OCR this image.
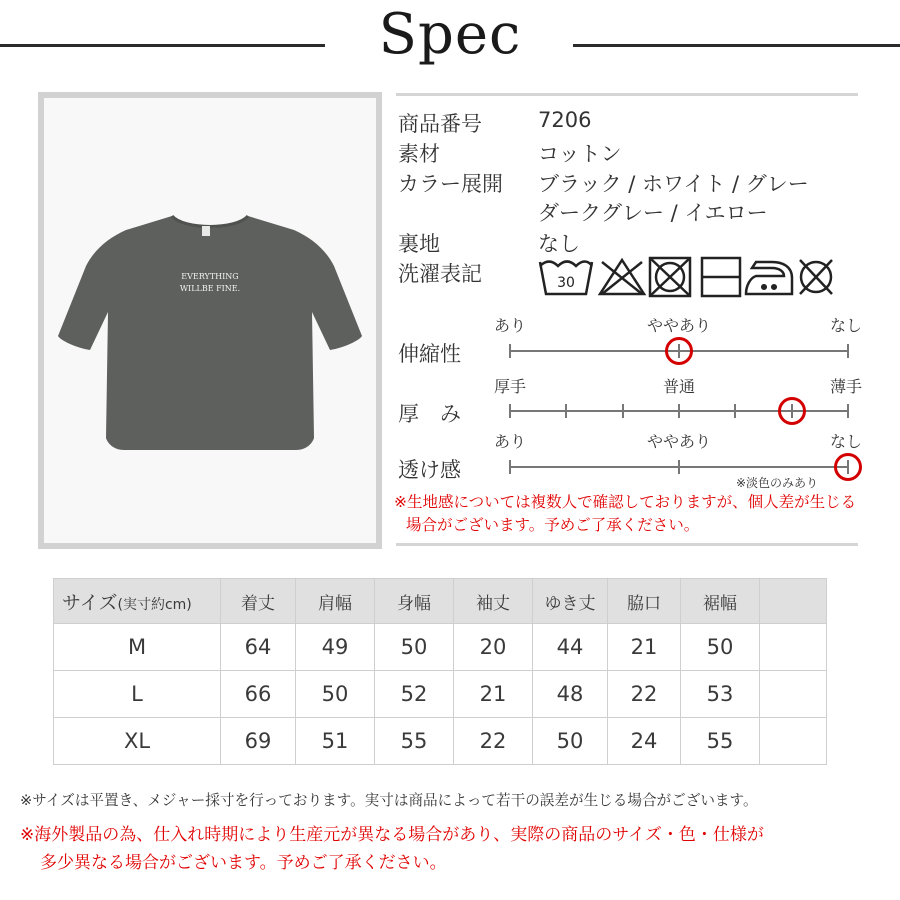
Spec
EVERYTHING
WILLBE FINE.
商品番号	7206
素材	コットン
カラー展開 ブラック / ホワイト / グレー
ダークグレー / イエロー
裏地	なし
洗濯表記	30
伸縮性
あり	ややあり	なし
厚　み
厚手	普通	薄手
透け感
あり	ややあり	なし
※淡色のみあり
※生地感については複数人で確認しておりますが、個人差が生じる
場合がございます。予めご了承ください。
サイズ(実寸約cm)	着丈	肩幅	身幅	袖丈	ゆき丈	脇口	裾幅	
M	64	49	50	20	44	21	50	
L	66	50	52	21	48	22	53	
XL	69	51	55	22	50	24	55	
※サイズは平置き、メジャー採寸を行っております。実寸は商品によって若干の誤差が生じる場合がございます。
※海外製品の為、仕入れ時期により生産元が異なる場合があり、実際の商品のサイズ・色・仕様が
多少異なる場合がございます。予めご了承ください。
